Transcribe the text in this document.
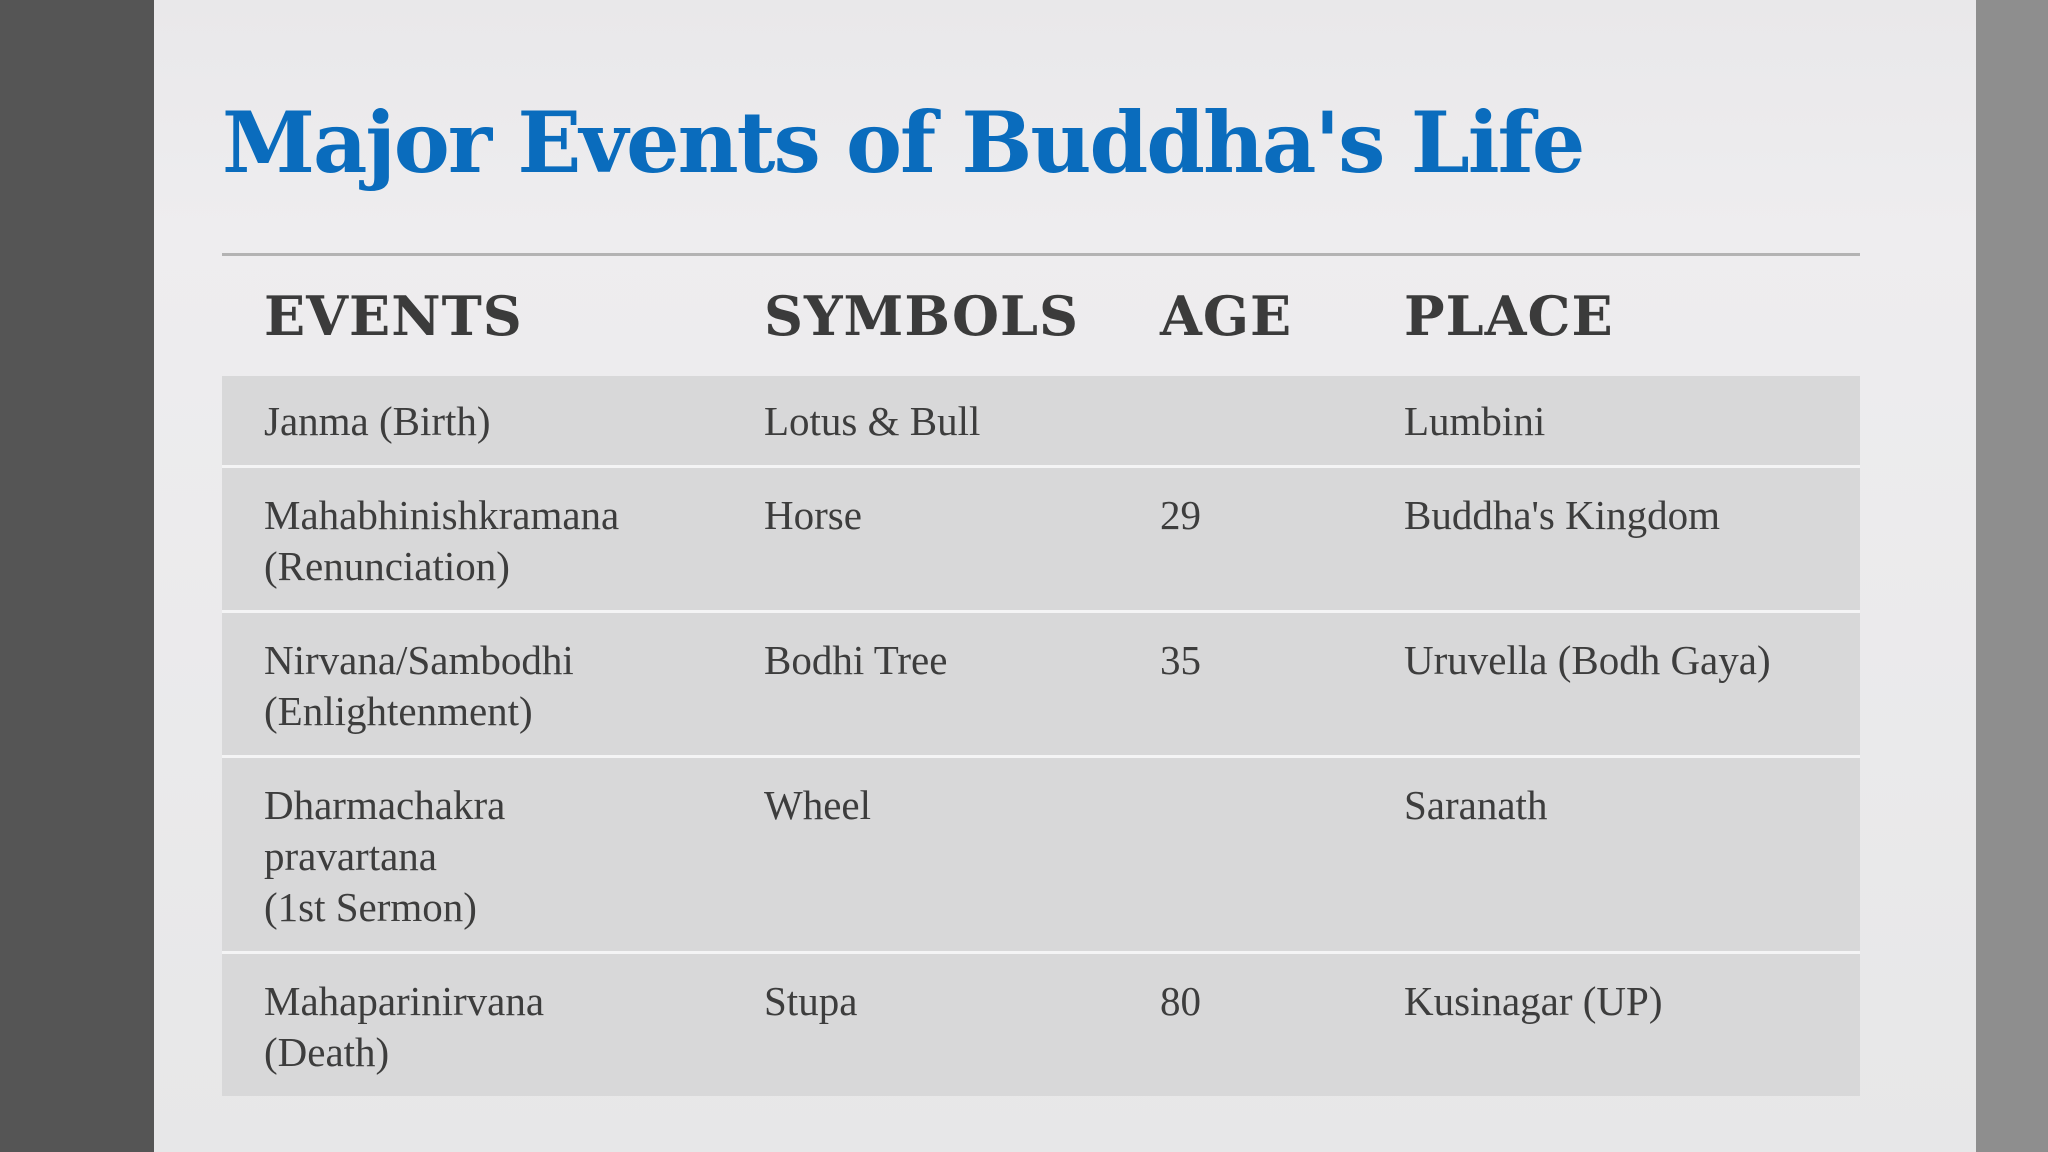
Major Events of Buddha's Life
EVENTS	SYMBOLS	AGE	PLACE
Janma (Birth)	Lotus & Bull		Lumbini
Mahabhinishkramana
(Renunciation)	Horse	29	Buddha's Kingdom
Nirvana/Sambodhi
(Enlightenment)	Bodhi Tree	35	Uruvella (Bodh Gaya)
Dharmachakra
pravartana
(1st Sermon)	Wheel		Saranath
Mahaparinirvana
(Death)	Stupa	80	Kusinagar (UP)
